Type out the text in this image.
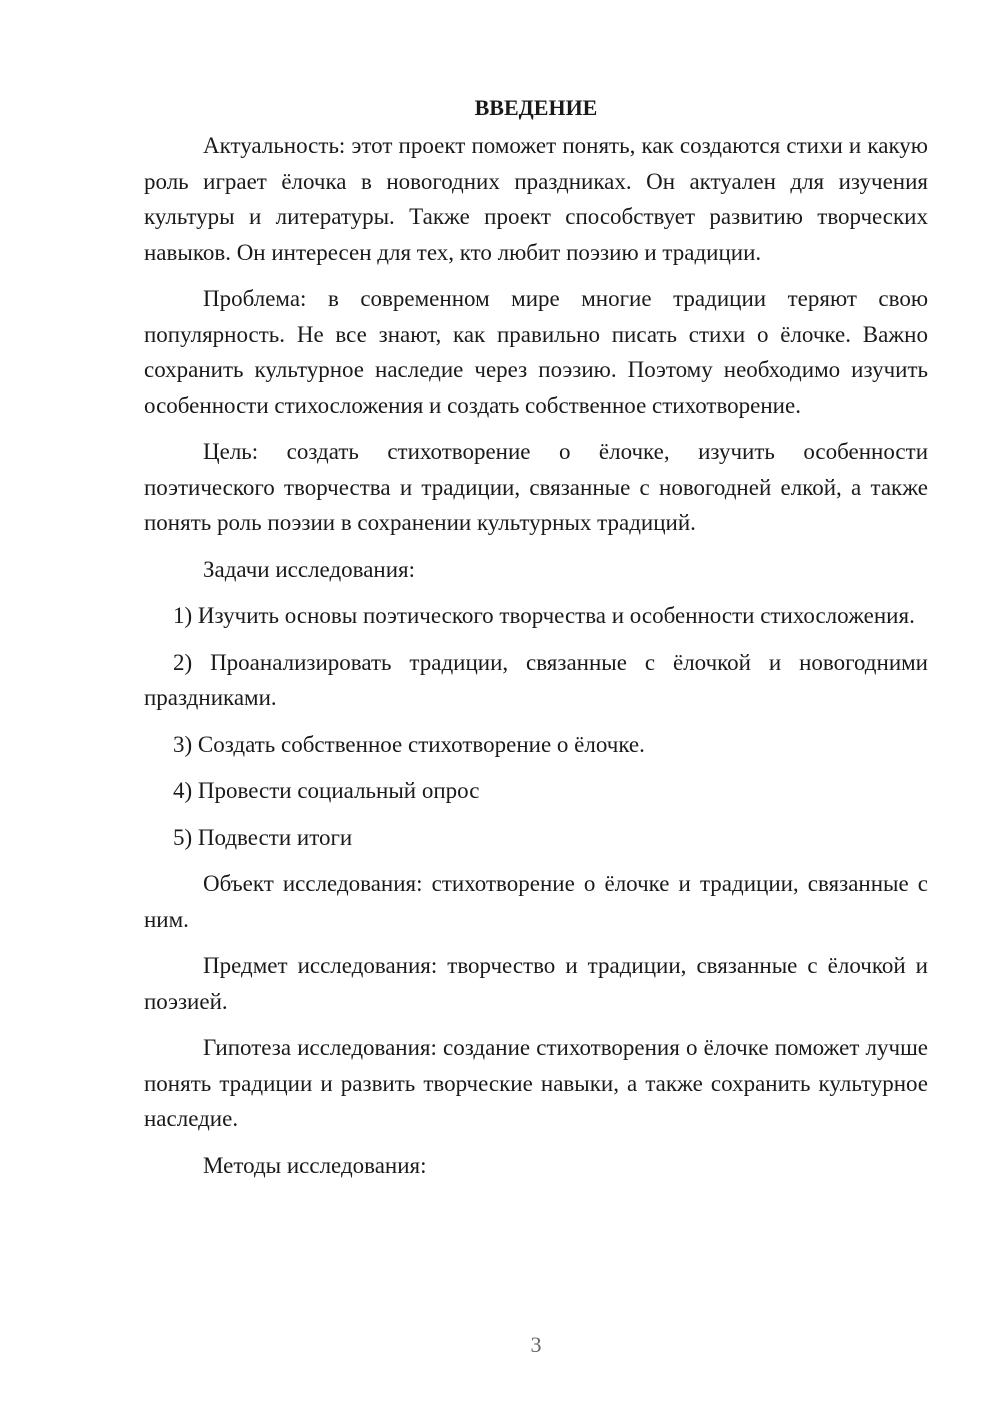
ВВЕДЕНИЕ

Актуальность: этот проект поможет понять, как создаются стихи и какую роль играет ёлочка в новогодних праздниках. Он актуален для изучения культуры и литературы. Также проект способствует развитию творческих навыков. Он интересен для тех, кто любит поэзию и традиции.

Проблема: в современном мире многие традиции теряют свою популярность. Не все знают, как правильно писать стихи о ёлочке. Важно сохранить культурное наследие через поэзию. Поэтому необходимо изучить особенности стихосложения и создать собственное стихотворение.

Цель: создать стихотворение о ёлочке, изучить особенности поэтического творчества и традиции, связанные с новогодней елкой, а также понять роль поэзии в сохранении культурных традиций.

Задачи исследования:

1) Изучить основы поэтического творчества и особенности стихосложения.

2) Проанализировать традиции, связанные с ёлочкой и новогодними праздниками.

3) Создать собственное стихотворение о ёлочке.

4) Провести социальный опрос

5) Подвести итоги

Объект исследования: стихотворение о ёлочке и традиции, связанные с ним.

Предмет исследования: творчество и традиции, связанные с ёлочкой и поэзией.

Гипотеза исследования: создание стихотворения о ёлочке поможет лучше понять традиции и развить творческие навыки, а также сохранить культурное наследие.

Методы исследования:

3
